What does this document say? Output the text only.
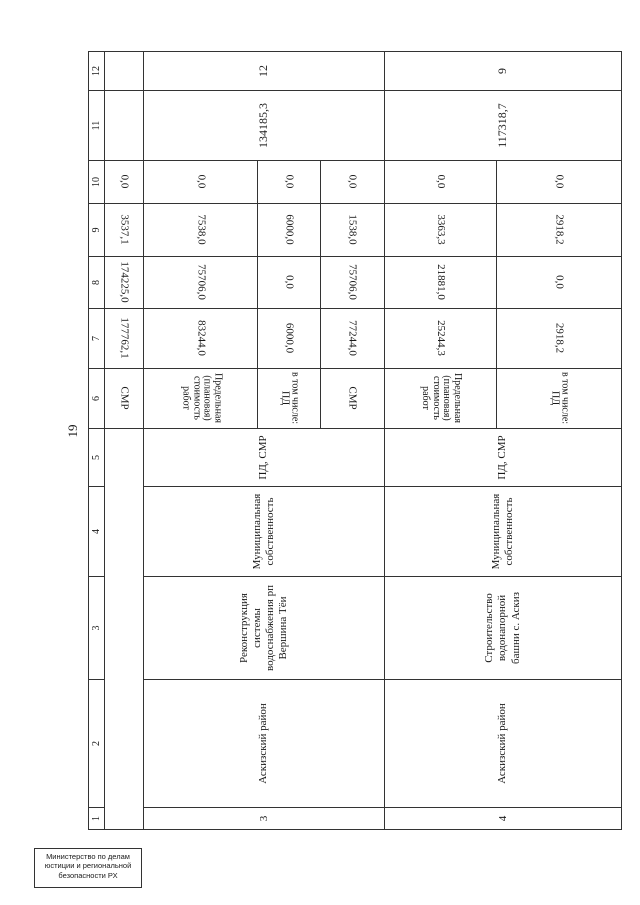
19
1	2	3	4	5	6	7	8	9	10	11	12
					СМР	177762,1	174225,0	3537,1	0,0		
3	Аскизский район	Реконструкция системы водоснабжения рп Вершина Тёи	Муниципальная собственность	ПД, СМР	Предельная (плановая) стоимость работ	83244,0	75706,0	7538,0	0,0	134185,3	12
					в том числе: ПД	6000,0	0,0	6000,0	0,0		
					СМР	77244,0	75706,0	1538,0	0,0		
4	Аскизский район	Строительство водонапорной башни с. Аскиз	Муниципальная собственность	ПД, СМР	Предельная (плановая) стоимость работ	25244,3	21881,0	3363,3	0,0	117318,7	9
					в том числе: ПД	2918,2	0,0	2918,2	0,0		
Министерство по делам
юстиции и региональной
безопасности РХ
